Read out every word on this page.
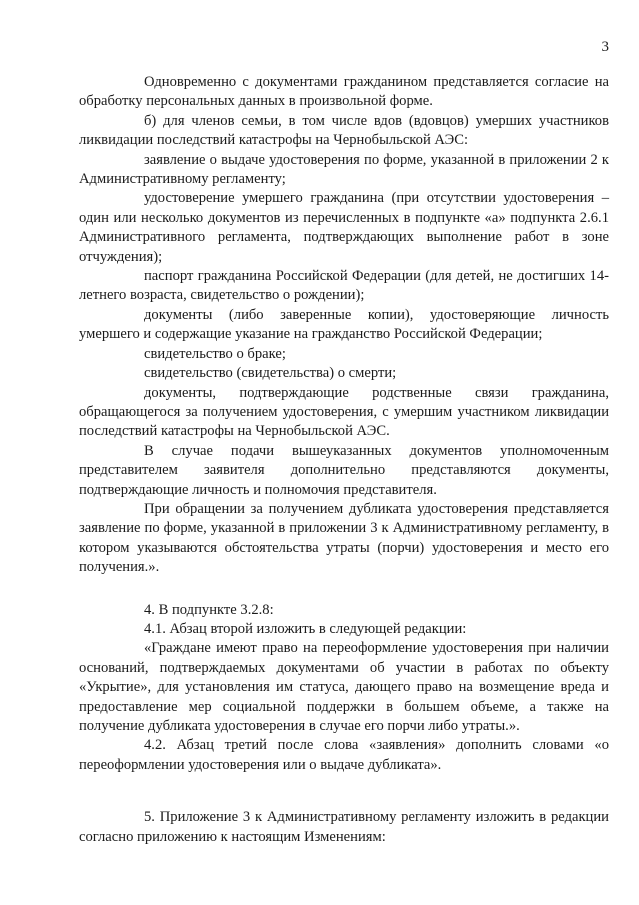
3

Одновременно с документами гражданином представляется согласие на обработку персональных данных в произвольной форме.

б) для членов семьи, в том числе вдов (вдовцов) умерших участников ликвидации последствий катастрофы на Чернобыльской АЭС:

заявление о выдаче удостоверения по форме, указанной в приложении 2 к Административному регламенту;

удостоверение умершего гражданина (при отсутствии удостоверения – один или несколько документов из перечисленных в подпункте «а» подпункта 2.6.1 Административного регламента, подтверждающих выполнение работ в зоне отчуждения);

паспорт гражданина Российской Федерации (для детей, не достигших 14-летнего возраста, свидетельство о рождении);

документы (либо заверенные копии), удостоверяющие личность умершего и содержащие указание на гражданство Российской Федерации;

свидетельство о браке;

свидетельство (свидетельства) о смерти;

документы, подтверждающие родственные связи гражданина, обращающегося за получением удостоверения, с умершим участником ликвидации последствий катастрофы на Чернобыльской АЭС.

В случае подачи вышеуказанных документов уполномоченным представителем заявителя дополнительно представляются документы, подтверждающие личность и полномочия представителя.

При обращении за получением дубликата удостоверения представляется заявление по форме, указанной в приложении 3 к Административному регламенту, в котором указываются обстоятельства утраты (порчи) удостоверения и место его получения.».

4. В подпункте 3.2.8:

4.1. Абзац второй изложить в следующей редакции:

«Граждане имеют право на переоформление удостоверения при наличии оснований, подтверждаемых документами об участии в работах по объекту «Укрытие», для установления им статуса, дающего право на возмещение вреда и предоставление мер социальной поддержки в большем объеме, а также на получение дубликата удостоверения в случае его порчи либо утраты.».

4.2. Абзац третий после слова «заявления» дополнить словами «о переоформлении удостоверения или о выдаче дубликата».

5. Приложение 3 к Административному регламенту изложить в редакции согласно приложению к настоящим Изменениям:
